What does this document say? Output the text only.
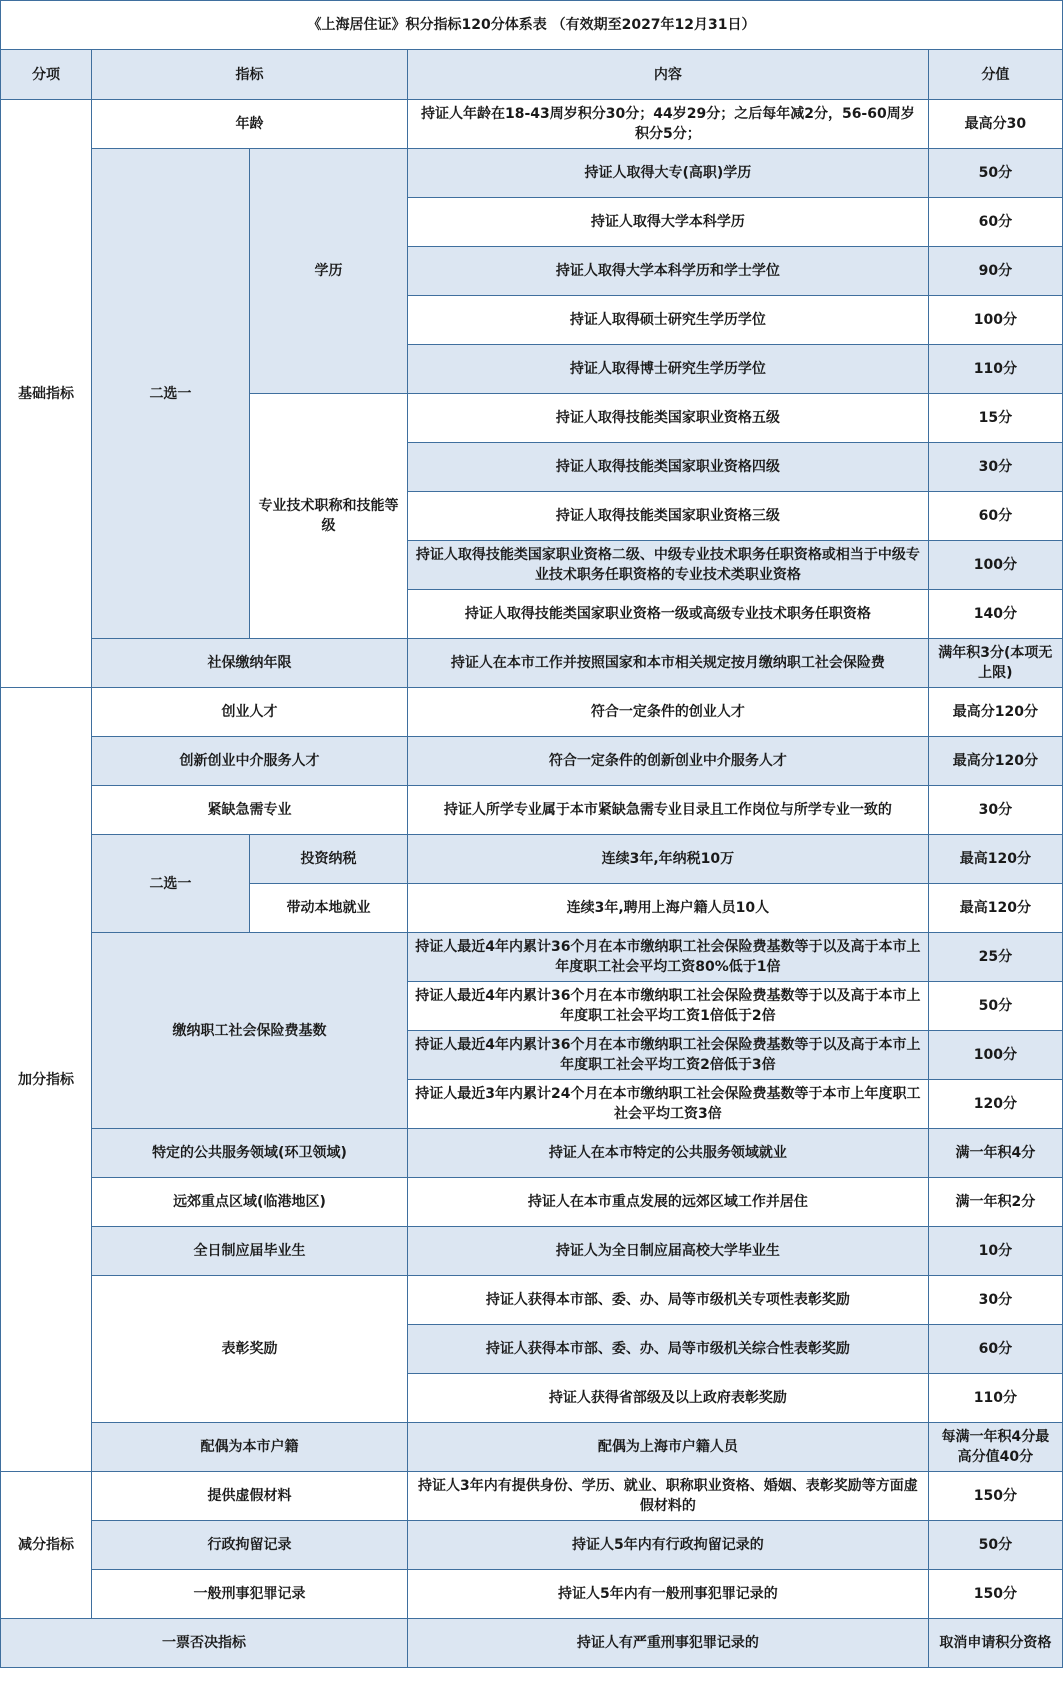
《上海居住证》积分指标120分体系表 （有效期至2027年12月31日）				
分项	指标		内容	分值
基础指标	年龄		持证人年龄在18-43周岁积分30分；44岁29分；之后每年减2分，56-60周岁积分5分；	最高分30
	二选一	学历	持证人取得大专(高职)学历	50分
			持证人取得大学本科学历	60分
			持证人取得大学本科学历和学士学位	90分
			持证人取得硕士研究生学历学位	100分
			持证人取得博士研究生学历学位	110分
		专业技术职称和技能等级	持证人取得技能类国家职业资格五级	15分
			持证人取得技能类国家职业资格四级	30分
			持证人取得技能类国家职业资格三级	60分
			持证人取得技能类国家职业资格二级、中级专业技术职务任职资格或相当于中级专业技术职务任职资格的专业技术类职业资格	100分
			持证人取得技能类国家职业资格一级或高级专业技术职务任职资格	140分
	社保缴纳年限		持证人在本市工作并按照国家和本市相关规定按月缴纳职工社会保险费	满年积3分(本项无上限)
加分指标	创业人才		符合一定条件的创业人才	最高分120分
	创新创业中介服务人才		符合一定条件的创新创业中介服务人才	最高分120分
	紧缺急需专业		持证人所学专业属于本市紧缺急需专业目录且工作岗位与所学专业一致的	30分
	二选一	投资纳税	连续3年,年纳税10万	最高120分
		带动本地就业	连续3年,聘用上海户籍人员10人	最高120分
	缴纳职工社会保险费基数		持证人最近4年内累计36个月在本市缴纳职工社会保险费基数等于以及高于本市上年度职工社会平均工资80%低于1倍	25分
			持证人最近4年内累计36个月在本市缴纳职工社会保险费基数等于以及高于本市上年度职工社会平均工资1倍低于2倍	50分
			持证人最近4年内累计36个月在本市缴纳职工社会保险费基数等于以及高于本市上年度职工社会平均工资2倍低于3倍	100分
			持证人最近3年内累计24个月在本市缴纳职工社会保险费基数等于本市上年度职工社会平均工资3倍	120分
	特定的公共服务领域(环卫领域)		持证人在本市特定的公共服务领域就业	满一年积4分
	远郊重点区域(临港地区)		持证人在本市重点发展的远郊区域工作并居住	满一年积2分
	全日制应届毕业生		持证人为全日制应届高校大学毕业生	10分
	表彰奖励		持证人获得本市部、委、办、局等市级机关专项性表彰奖励	30分
			持证人获得本市部、委、办、局等市级机关综合性表彰奖励	60分
			持证人获得省部级及以上政府表彰奖励	110分
	配偶为本市户籍		配偶为上海市户籍人员	每满一年积4分最高分值40分
减分指标	提供虚假材料		持证人3年内有提供身份、学历、就业、职称职业资格、婚姻、表彰奖励等方面虚假材料的	150分
	行政拘留记录		持证人5年内有行政拘留记录的	50分
	一般刑事犯罪记录		持证人5年内有一般刑事犯罪记录的	150分
一票否决指标			持证人有严重刑事犯罪记录的	取消申请积分资格
